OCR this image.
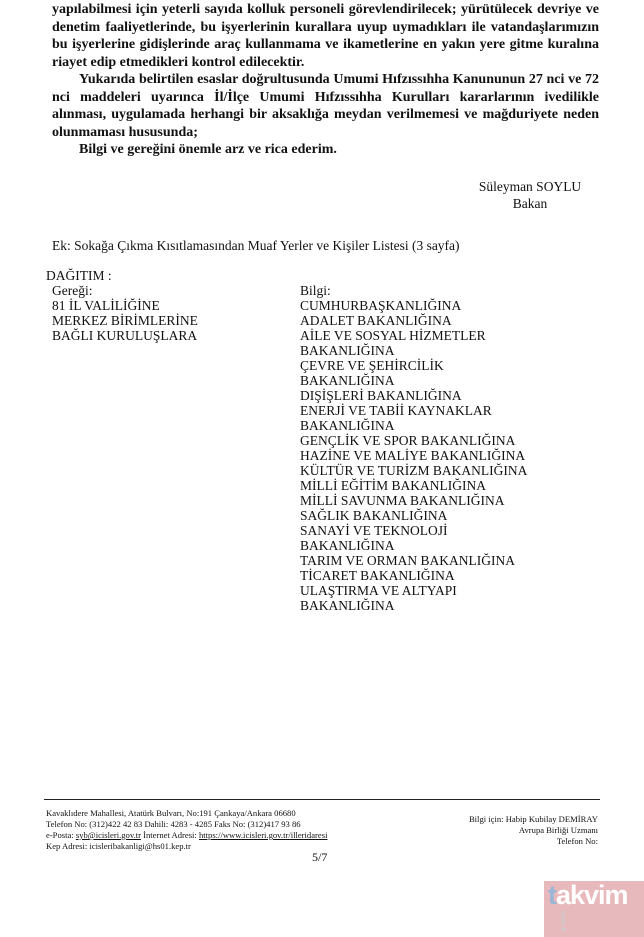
yapılabilmesi için yeterli sayıda kolluk personeli görevlendirilecek; yürütülecek devriye ve denetim faaliyetlerinde, bu işyerlerinin kurallara uyup uymadıkları ile vatandaşlarımızın bu işyerlerine gidişlerinde araç kullanmama ve ikametlerine en yakın yere gitme kuralına riayet edip etmedikleri kontrol edilecektir.

Yukarıda belirtilen esaslar doğrultusunda Umumi Hıfzıssıhha Kanununun 27 nci ve 72 nci maddeleri uyarınca İl/İlçe Umumi Hıfzıssıhha Kurulları kararlarının ivedilikle alınması, uygulamada herhangi bir aksaklığa meydan verilmemesi ve mağduriyete neden olunmaması hususunda;

Bilgi ve gereğini önemle arz ve rica ederim.

Süleyman SOYLU
Bakan
Ek: Sokağa Çıkma Kısıtlamasından Muaf Yerler ve Kişiler Listesi (3 sayfa)
DAĞITIM :
Gereği:
81 İL VALİLİĞİNE
MERKEZ BİRİMLERİNE
BAĞLI KURULUŞLARA
Bilgi:
CUMHURBAŞKANLIĞINA
ADALET BAKANLIĞINA
AİLE VE SOSYAL HİZMETLER
BAKANLIĞINA
ÇEVRE VE ŞEHİRCİLİK
BAKANLIĞINA
DIŞİŞLERİ BAKANLIĞINA
ENERJİ VE TABİİ KAYNAKLAR
BAKANLIĞINA
GENÇLİK VE SPOR BAKANLIĞINA
HAZİNE VE MALİYE BAKANLIĞINA
KÜLTÜR VE TURİZM BAKANLIĞINA
MİLLİ EĞİTİM BAKANLIĞINA
MİLLİ SAVUNMA BAKANLIĞINA
SAĞLIK BAKANLIĞINA
SANAYİ VE TEKNOLOJİ
BAKANLIĞINA
TARIM VE ORMAN BAKANLIĞINA
TİCARET BAKANLIĞINA
ULAŞTIRMA VE ALTYAPI
BAKANLIĞINA
Kavaklıdere Mahallesi, Atatürk Bulvarı, No:191 Çankaya/Ankara 06680
Telefon No: (312)422 42 83 Dahili: 4283 - 4285 Faks No: (312)417 93 86
e-Posta: syb@icisleri.gov.tr İnternet Adresi: https://www.icisleri.gov.tr/illeridaresi
Kep Adresi: icisleribakanligi@hs01.kep.tr
Bilgi için: Habip Kubilay DEMİRAY
Avrupa Birliği Uzmanı
Telefon No:
5/7
takvimcom.tr
